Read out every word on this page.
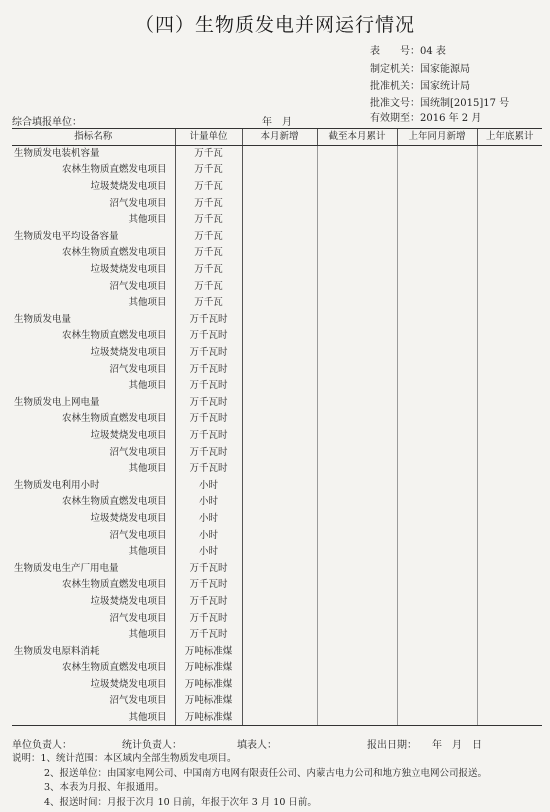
（四）生物质发电并网运行情况
表　　号：04 表
制定机关：国家能源局
批准机关：国家统计局
批准文号：国统制[2015]17 号
有效期至：2016 年 2 月
综合填报单位：	年　月
指标名称	计量单位	本月新增	截至本月累计	上年同月新增	上年底累计
生物质发电装机容量	万千瓦				
农林生物质直燃发电项目	万千瓦				
垃圾焚烧发电项目	万千瓦				
沼气发电项目	万千瓦				
其他项目	万千瓦				
生物质发电平均设备容量	万千瓦				
农林生物质直燃发电项目	万千瓦				
垃圾焚烧发电项目	万千瓦				
沼气发电项目	万千瓦				
其他项目	万千瓦				
生物质发电量	万千瓦时				
农林生物质直燃发电项目	万千瓦时				
垃圾焚烧发电项目	万千瓦时				
沼气发电项目	万千瓦时				
其他项目	万千瓦时				
生物质发电上网电量	万千瓦时				
农林生物质直燃发电项目	万千瓦时				
垃圾焚烧发电项目	万千瓦时				
沼气发电项目	万千瓦时				
其他项目	万千瓦时				
生物质发电利用小时	小时				
农林生物质直燃发电项目	小时				
垃圾焚烧发电项目	小时				
沼气发电项目	小时				
其他项目	小时				
生物质发电生产厂用电量	万千瓦时				
农林生物质直燃发电项目	万千瓦时				
垃圾焚烧发电项目	万千瓦时				
沼气发电项目	万千瓦时				
其他项目	万千瓦时				
生物质发电原料消耗	万吨标准煤				
农林生物质直燃发电项目	万吨标准煤				
垃圾焚烧发电项目	万吨标准煤				
沼气发电项目	万吨标准煤				
其他项目	万吨标准煤				
单位负责人：	统计负责人：	填表人：	报出日期：　　年　月　日
说明：1、统计范围：本区域内全部生物质发电项目。
2、报送单位：由国家电网公司、中国南方电网有限责任公司、内蒙古电力公司和地方独立电网公司报送。
3、本表为月报、年报通用。
4、报送时间：月报于次月 10 日前，年报于次年 3 月 10 日前。
